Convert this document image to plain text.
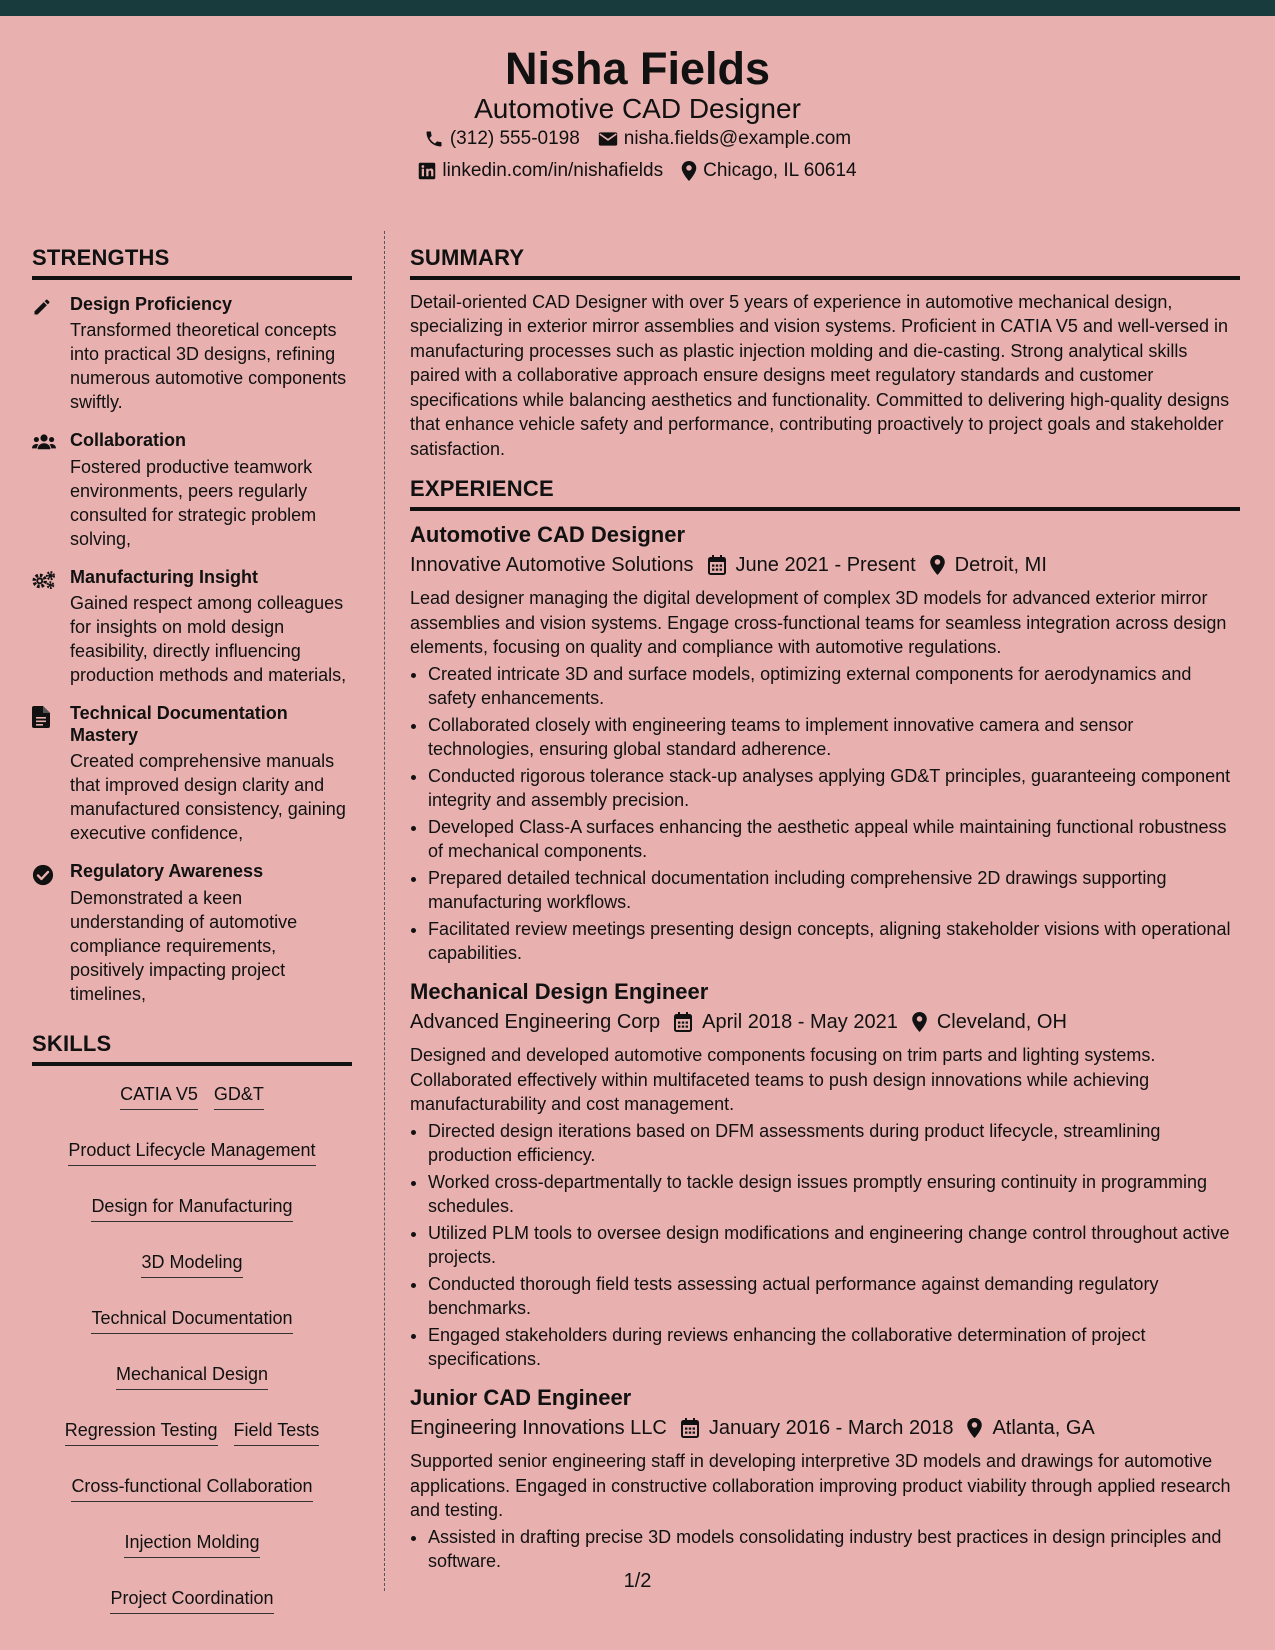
Nisha Fields
Automotive CAD Designer
(312) 555-0198 nisha.fields@example.com
linkedin.com/in/nishafields Chicago, IL 60614
STRENGTHS
Design Proficiency
Transformed theoretical concepts into practical 3D designs, refining numerous automotive components swiftly.
Collaboration
Fostered productive teamwork environments, peers regularly consulted for strategic problem solving,
Manufacturing Insight
Gained respect among colleagues for insights on mold design feasibility, directly influencing production methods and materials,
Technical Documentation Mastery
Created comprehensive manuals that improved design clarity and manufactured consistency, gaining executive confidence,
Regulatory Awareness
Demonstrated a keen understanding of automotive compliance requirements, positively impacting project timelines,
SKILLS
CATIA V5 GD&T
Product Lifecycle Management
Design for Manufacturing
3D Modeling
Technical Documentation
Mechanical Design
Regression Testing Field Tests
Cross-functional Collaboration
Injection Molding
Project Coordination
SUMMARY

Detail-oriented CAD Designer with over 5 years of experience in automotive mechanical design, specializing in exterior mirror assemblies and vision systems. Proficient in CATIA V5 and well-versed in manufacturing processes such as plastic injection molding and die-casting. Strong analytical skills paired with a collaborative approach ensure designs meet regulatory standards and customer specifications while balancing aesthetics and functionality. Committed to delivering high-quality designs that enhance vehicle safety and performance, contributing proactively to project goals and stakeholder satisfaction.

EXPERIENCE
Automotive CAD Designer
Innovative Automotive Solutions June 2021 - Present Detroit, MI

Lead designer managing the digital development of complex 3D models for advanced exterior mirror assemblies and vision systems. Engage cross-functional teams for seamless integration across design elements, focusing on quality and compliance with automotive regulations.

• Created intricate 3D and surface models, optimizing external components for aerodynamics and safety enhancements.
• Collaborated closely with engineering teams to implement innovative camera and sensor technologies, ensuring global standard adherence.
• Conducted rigorous tolerance stack-up analyses applying GD&T principles, guaranteeing component integrity and assembly precision.
• Developed Class-A surfaces enhancing the aesthetic appeal while maintaining functional robustness of mechanical components.
• Prepared detailed technical documentation including comprehensive 2D drawings supporting manufacturing workflows.
• Facilitated review meetings presenting design concepts, aligning stakeholder visions with operational capabilities.
Mechanical Design Engineer
Advanced Engineering Corp April 2018 - May 2021 Cleveland, OH

Designed and developed automotive components focusing on trim parts and lighting systems. Collaborated effectively within multifaceted teams to push design innovations while achieving manufacturability and cost management.

• Directed design iterations based on DFM assessments during product lifecycle, streamlining production efficiency.
• Worked cross-departmentally to tackle design issues promptly ensuring continuity in programming schedules.
• Utilized PLM tools to oversee design modifications and engineering change control throughout active projects.
• Conducted thorough field tests assessing actual performance against demanding regulatory benchmarks.
• Engaged stakeholders during reviews enhancing the collaborative determination of project specifications.
Junior CAD Engineer
Engineering Innovations LLC January 2016 - March 2018 Atlanta, GA

Supported senior engineering staff in developing interpretive 3D models and drawings for automotive applications. Engaged in constructive collaboration improving product viability through applied research and testing.

• Assisted in drafting precise 3D models consolidating industry best practices in design principles and software.
1/2
